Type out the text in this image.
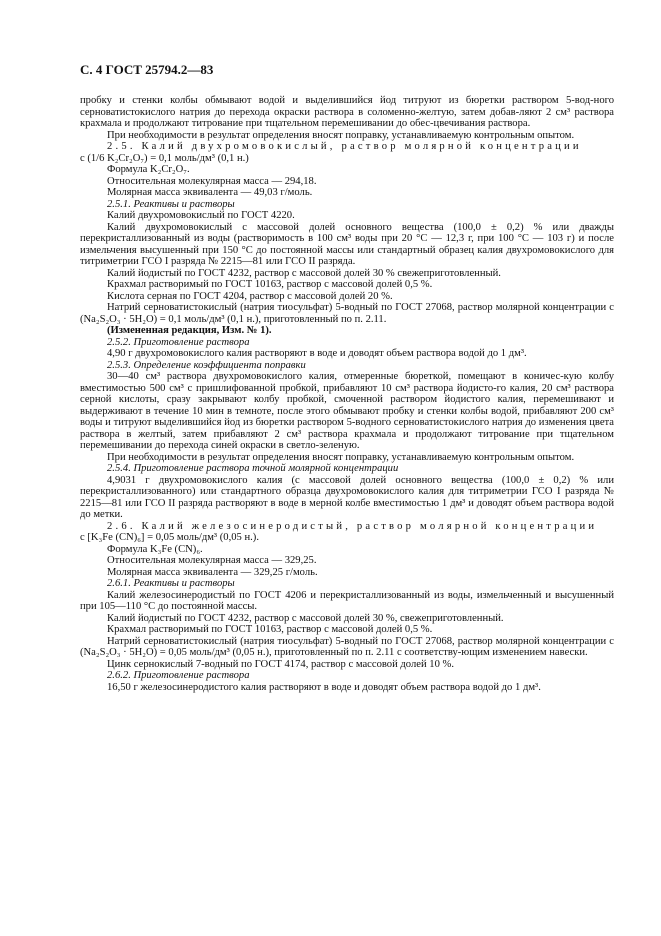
С. 4 ГОСТ 25794.2—83

пробку и стенки колбы обмывают водой и выделившийся йод титруют из бюретки раствором 5-вод-ного серноватистокислого натрия до перехода окраски раствора в соломенно-желтую, затем добав-ляют 2 см³ раствора крахмала и продолжают титрование при тщательном перемешивании до обес-цвечивания раствора.

При необходимости в результат определения вносят поправку, устанавливаемую контрольным опытом.

2.5. Калий двухромовокислый, раствор молярной концентрации

c (1/6 K₂Cr₂O₇) = 0,1 моль/дм³ (0,1 н.)

Формула K₂Cr₂O₇.

Относительная молекулярная масса — 294,18.

Молярная масса эквивалента — 49,03 г/моль.

2.5.1. Реактивы и растворы

Калий двухромовокислый по ГОСТ 4220.

Калий двухромовокислый с массовой долей основного вещества (100,0 ± 0,2) % или дважды перекристаллизованный из воды (растворимость в 100 см³ воды при 20 °С — 12,3 г, при 100 °С — 103 г) и после измельчения высушенный при 150 °С до постоянной массы или стандартный образец калия двухромовокислого для титриметрии ГСО I разряда № 2215—81 или ГСО II разряда.

Калий йодистый по ГОСТ 4232, раствор с массовой долей 30 % свежеприготовленный.

Крахмал растворимый по ГОСТ 10163, раствор с массовой долей 0,5 %.

Кислота серная по ГОСТ 4204, раствор с массовой долей 20 %.

Натрий серноватистокислый (натрия тиосульфат) 5-водный по ГОСТ 27068, раствор молярной концентрации c (Na₂S₂O₃ · 5H₂O) = 0,1 моль/дм³ (0,1 н.), приготовленный по п. 2.11.

(Измененная редакция, Изм. № 1).

2.5.2. Приготовление раствора

4,90 г двухромовокислого калия растворяют в воде и доводят объем раствора водой до 1 дм³.

2.5.3. Определение коэффициента поправки

30—40 см³ раствора двухромовокислого калия, отмеренные бюреткой, помещают в коничес-кую колбу вместимостью 500 см³ с пришлифованной пробкой, прибавляют 10 см³ раствора йодисто-го калия, 20 см³ раствора серной кислоты, сразу закрывают колбу пробкой, смоченной раствором йодистого калия, перемешивают и выдерживают в течение 10 мин в темноте, после этого обмывают пробку и стенки колбы водой, прибавляют 200 см³ воды и титруют выделившийся йод из бюретки раствором 5-водного серноватистокислого натрия до изменения цвета раствора в желтый, затем прибавляют 2 см³ раствора крахмала и продолжают титрование при тщательном перемешивании до перехода синей окраски в светло-зеленую.

При необходимости в результат определения вносят поправку, устанавливаемую контрольным опытом.

2.5.4. Приготовление раствора точной молярной концентрации

4,9031 г двухромовокислого калия (с массовой долей основного вещества (100,0 ± 0,2) % или перекристаллизованного) или стандартного образца двухромовокислого калия для титриметрии ГСО I разряда № 2215—81 или ГСО II разряда растворяют в воде в мерной колбе вместимостью 1 дм³ и доводят объем раствора водой до метки.

2.6. Калий железосинеродистый, раствор молярной концентрации

c [K₃Fe (CN)₆] = 0,05 моль/дм³ (0,05 н.).

Формула K₃Fe (CN)₆.

Относительная молекулярная масса — 329,25.

Молярная масса эквивалента — 329,25 г/моль.

2.6.1. Реактивы и растворы

Калий железосинеродистый по ГОСТ 4206 и перекристаллизованный из воды, измельченный и высушенный при 105—110 °С до постоянной массы.

Калий йодистый по ГОСТ 4232, раствор с массовой долей 30 %, свежеприготовленный.

Крахмал растворимый по ГОСТ 10163, раствор с массовой долей 0,5 %.

Натрий серноватистокислый (натрия тиосульфат) 5-водный по ГОСТ 27068, раствор молярной концентрации c (Na₂S₂O₃ · 5H₂O) = 0,05 моль/дм³ (0,05 н.), приготовленный по п. 2.11 с соответству-ющим изменением навески.

Цинк сернокислый 7-водный по ГОСТ 4174, раствор с массовой долей 10 %.

2.6.2. Приготовление раствора

16,50 г железосинеродистого калия растворяют в воде и доводят объем раствора водой до 1 дм³.
